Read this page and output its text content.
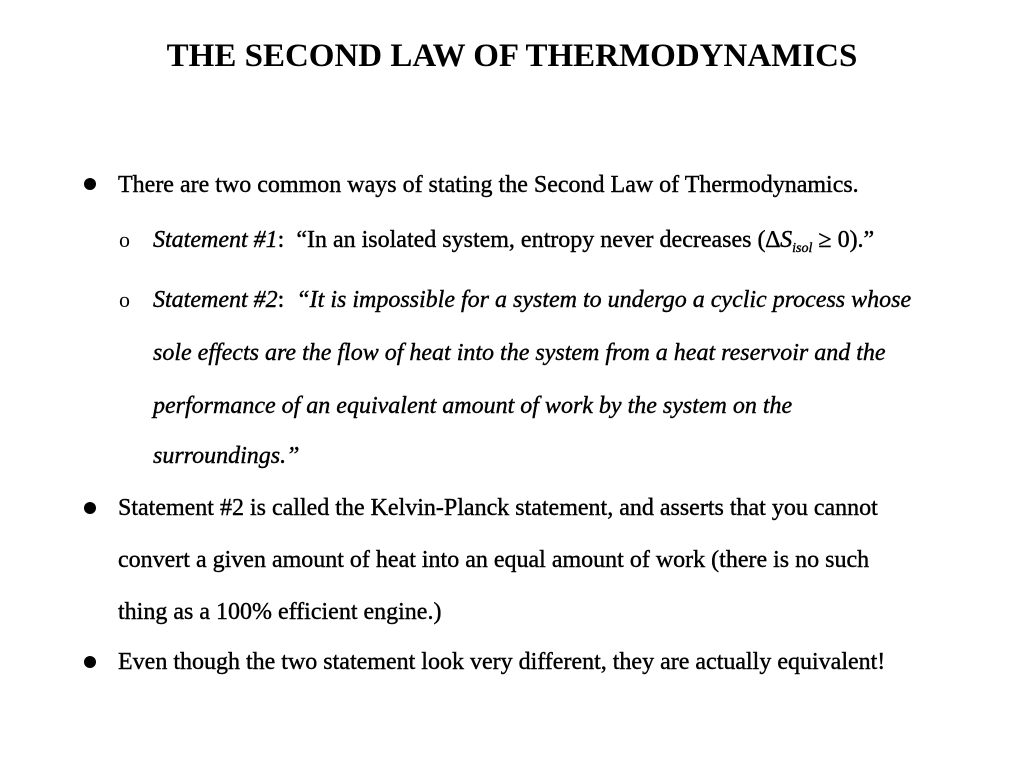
THE SECOND LAW OF THERMODYNAMICS
There are two common ways of stating the Second Law of Thermodynamics.
o Statement #1:  “In an isolated system, entropy never decreases $(\Delta S_{isol} \ge 0)$.”
o Statement #2:  “It is impossible for a system to undergo a cyclic process whose
sole effects are the flow of heat into the system from a heat reservoir and the
performance of an equivalent amount of work by the system on the
surroundings.”
Statement #2 is called the Kelvin-Planck statement, and asserts that you cannot
convert a given amount of heat into an equal amount of work (there is no such
thing as a 100% efficient engine.)
Even though the two statement look very different, they are actually equivalent!
